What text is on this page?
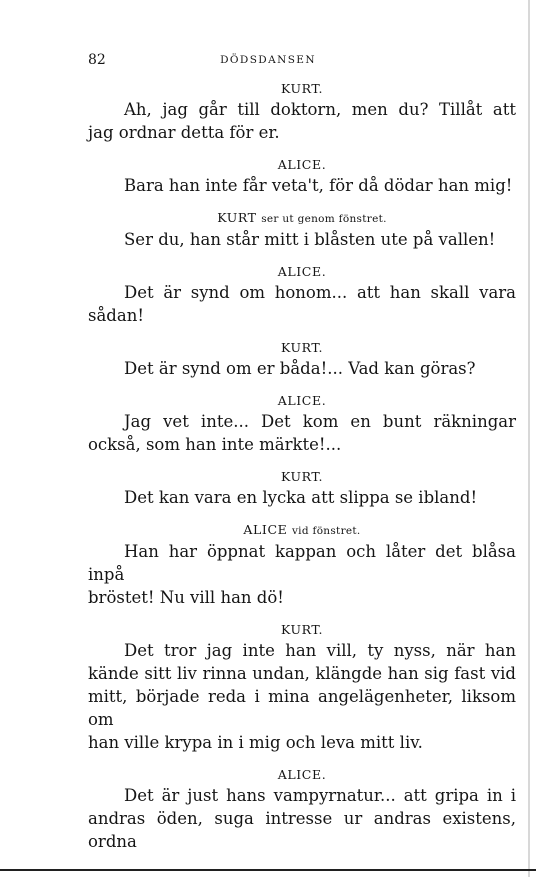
82	DÖDSDANSEN

KURT.

Ah, jag går till doktorn, men du? Tillåt att
jag ordnar detta för er.

ALICE.

Bara han inte får veta't, för då dödar han mig!

KURT ser ut genom fönstret.

Ser du, han står mitt i blåsten ute på vallen!

ALICE.

Det är synd om honom... att han skall vara
sådan!

KURT.

Det är synd om er båda!... Vad kan göras?

ALICE.

Jag vet inte... Det kom en bunt räkningar
också, som han inte märkte!...

KURT.

Det kan vara en lycka att slippa se ibland!

ALICE vid fönstret.

Han har öppnat kappan och låter det blåsa inpå
bröstet! Nu vill han dö!

KURT.

Det tror jag inte han vill, ty nyss, när han
kände sitt liv rinna undan, klängde han sig fast vid
mitt, började reda i mina angelägenheter, liksom om
han ville krypa in i mig och leva mitt liv.

ALICE.

Det är just hans vampyrnatur... att gripa in i
andras öden, suga intresse ur andras existens, ordna
